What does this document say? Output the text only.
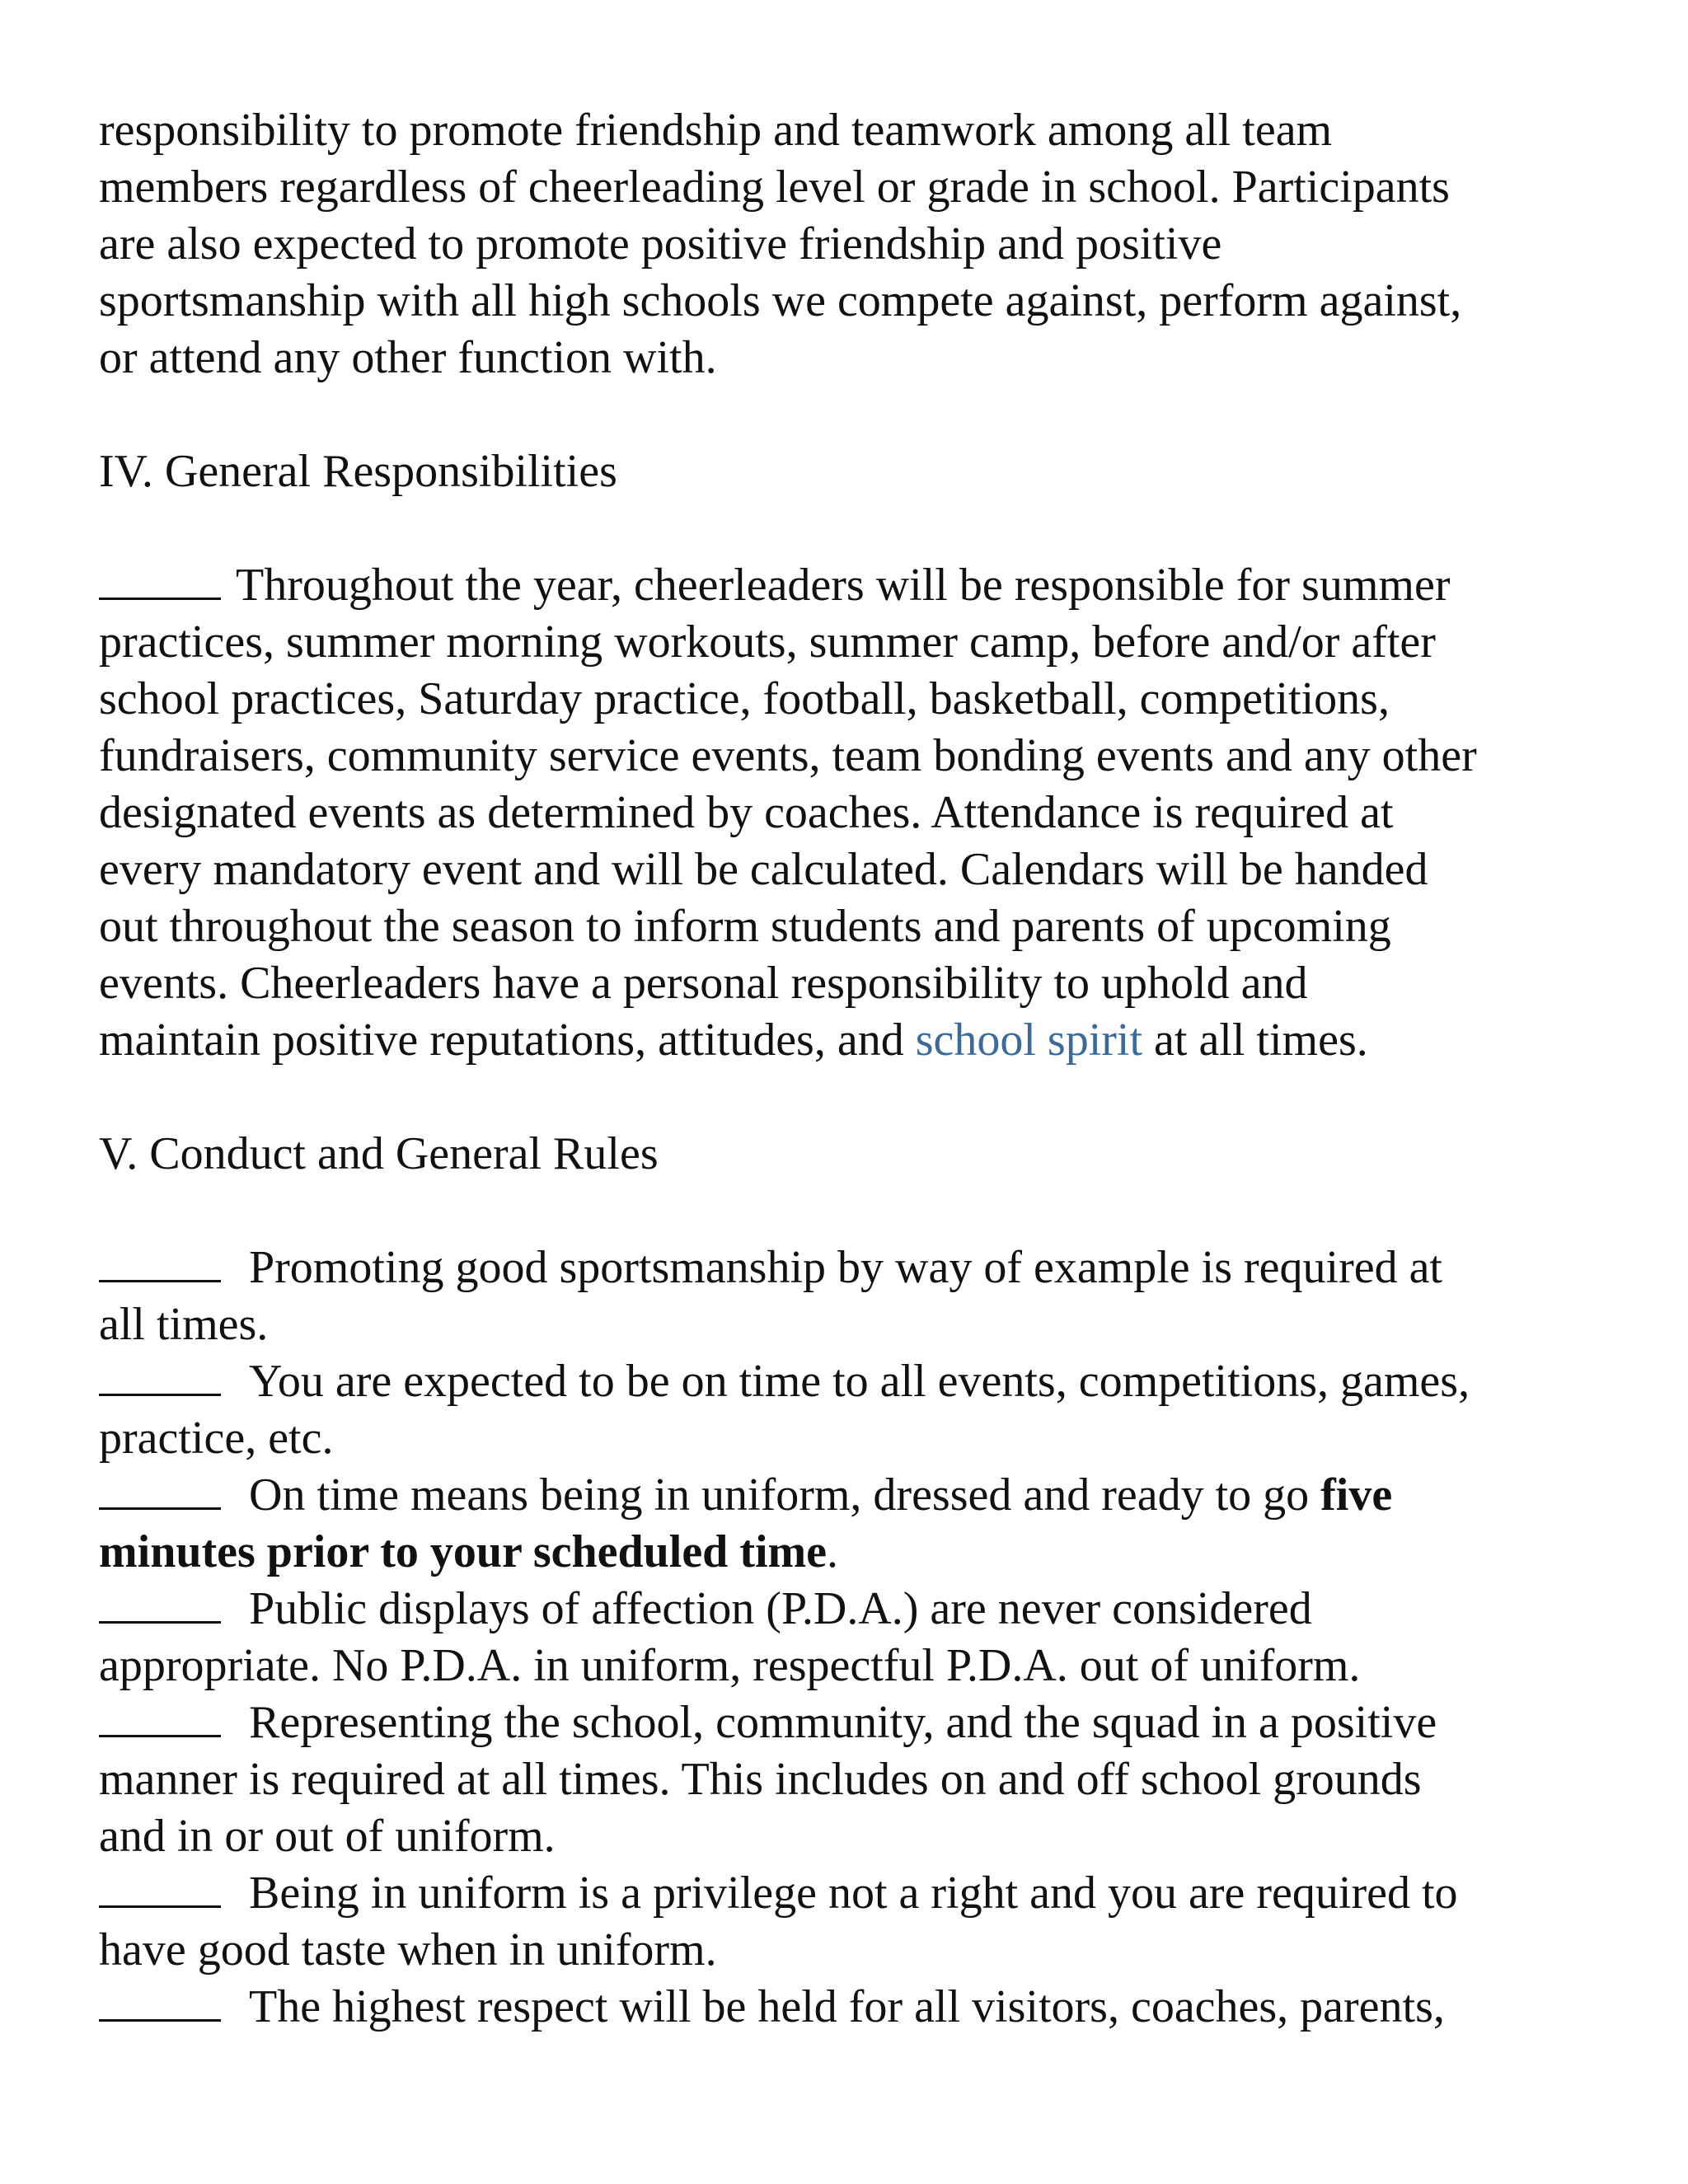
responsibility to promote friendship and teamwork among all team
members regardless of cheerleading level or grade in school. Participants
are also expected to promote positive friendship and positive
sportsmanship with all high schools we compete against, perform against,
or attend any other function with.

IV. General Responsibilities

Throughout the year, cheerleaders will be responsible for summer
practices, summer morning workouts, summer camp, before and/or after
school practices, Saturday practice, football, basketball, competitions,
fundraisers, community service events, team bonding events and any other
designated events as determined by coaches. Attendance is required at
every mandatory event and will be calculated. Calendars will be handed
out throughout the season to inform students and parents of upcoming
events. Cheerleaders have a personal responsibility to uphold and
maintain positive reputations, attitudes, and school spirit at all times.

V. Conduct and General Rules

Promoting good sportsmanship by way of example is required at
all times.

You are expected to be on time to all events, competitions, games,
practice, etc.

On time means being in uniform, dressed and ready to go five
minutes prior to your scheduled time.

Public displays of affection (P.D.A.) are never considered
appropriate. No P.D.A. in uniform, respectful P.D.A. out of uniform.

Representing the school, community, and the squad in a positive
manner is required at all times. This includes on and off school grounds
and in or out of uniform.

Being in uniform is a privilege not a right and you are required to
have good taste when in uniform.

The highest respect will be held for all visitors, coaches, parents,
